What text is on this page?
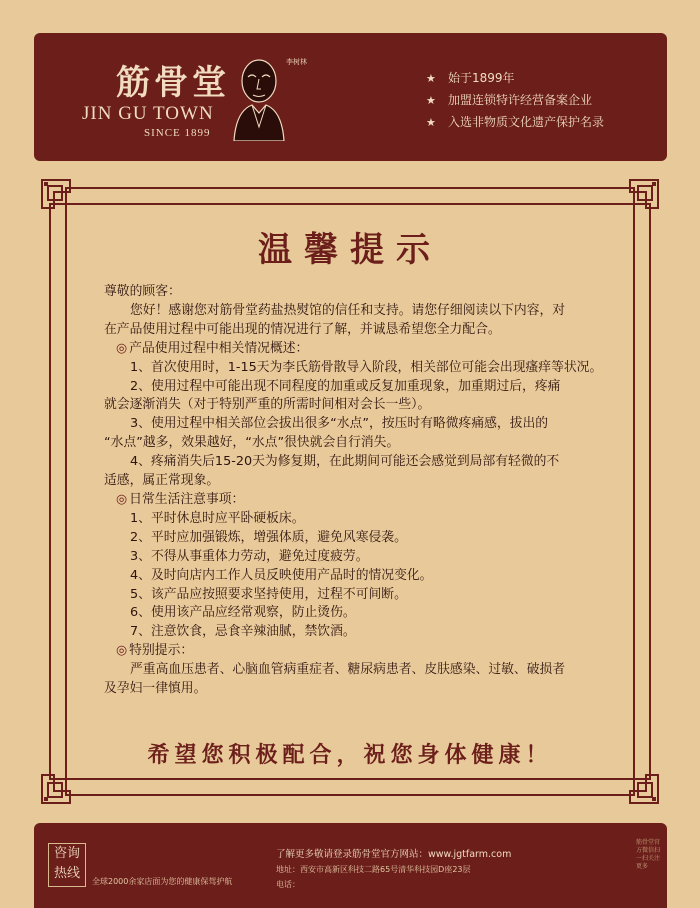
筋骨堂
JIN GU TOWN
SINCE 1899
李树林
★ 始于1899年
★ 加盟连锁特许经营备案企业
★ 入选非物质文化遗产保护名录
温馨提示
尊敬的顾客：
您好！感谢您对筋骨堂药盐热熨馆的信任和支持。请您仔细阅读以下内容，对
在产品使用过程中可能出现的情况进行了解，并诚恳希望您全力配合。
◎ 产品使用过程中相关情况概述：
1、首次使用时，1-15天为李氏筋骨散导入阶段，相关部位可能会出现瘙痒等状况。
2、使用过程中可能出现不同程度的加重或反复加重现象，加重期过后，疼痛
就会逐渐消失（对于特别严重的所需时间相对会长一些）。
3、使用过程中相关部位会拔出很多“水点”，按压时有略微疼痛感，拔出的
“水点”越多，效果越好，“水点”很快就会自行消失。
4、疼痛消失后15-20天为修复期，在此期间可能还会感觉到局部有轻微的不
适感，属正常现象。
◎ 日常生活注意事项：
1、平时休息时应平卧硬板床。
2、平时应加强锻炼，增强体质，避免风寒侵袭。
3、不得从事重体力劳动，避免过度疲劳。
4、及时向店内工作人员反映使用产品时的情况变化。
5、该产品应按照要求坚持使用，过程不可间断。
6、使用该产品应经常观察，防止烫伤。
7、注意饮食，忌食辛辣油腻，禁饮酒。
◎ 特别提示：
严重高血压患者、心脑血管病重症者、糖尿病患者、皮肤感染、过敏、破损者
及孕妇一律慎用。
希望您积极配合，祝您身体健康！
咨询
热线
全球2000余家店面为您的健康保驾护航
了解更多敬请登录筋骨堂官方网站：www.jgtfarm.com
地址：西安市高新区科技二路65号清华科技园D座23层
电话：
筋骨堂官方微信扫一扫关注更多
